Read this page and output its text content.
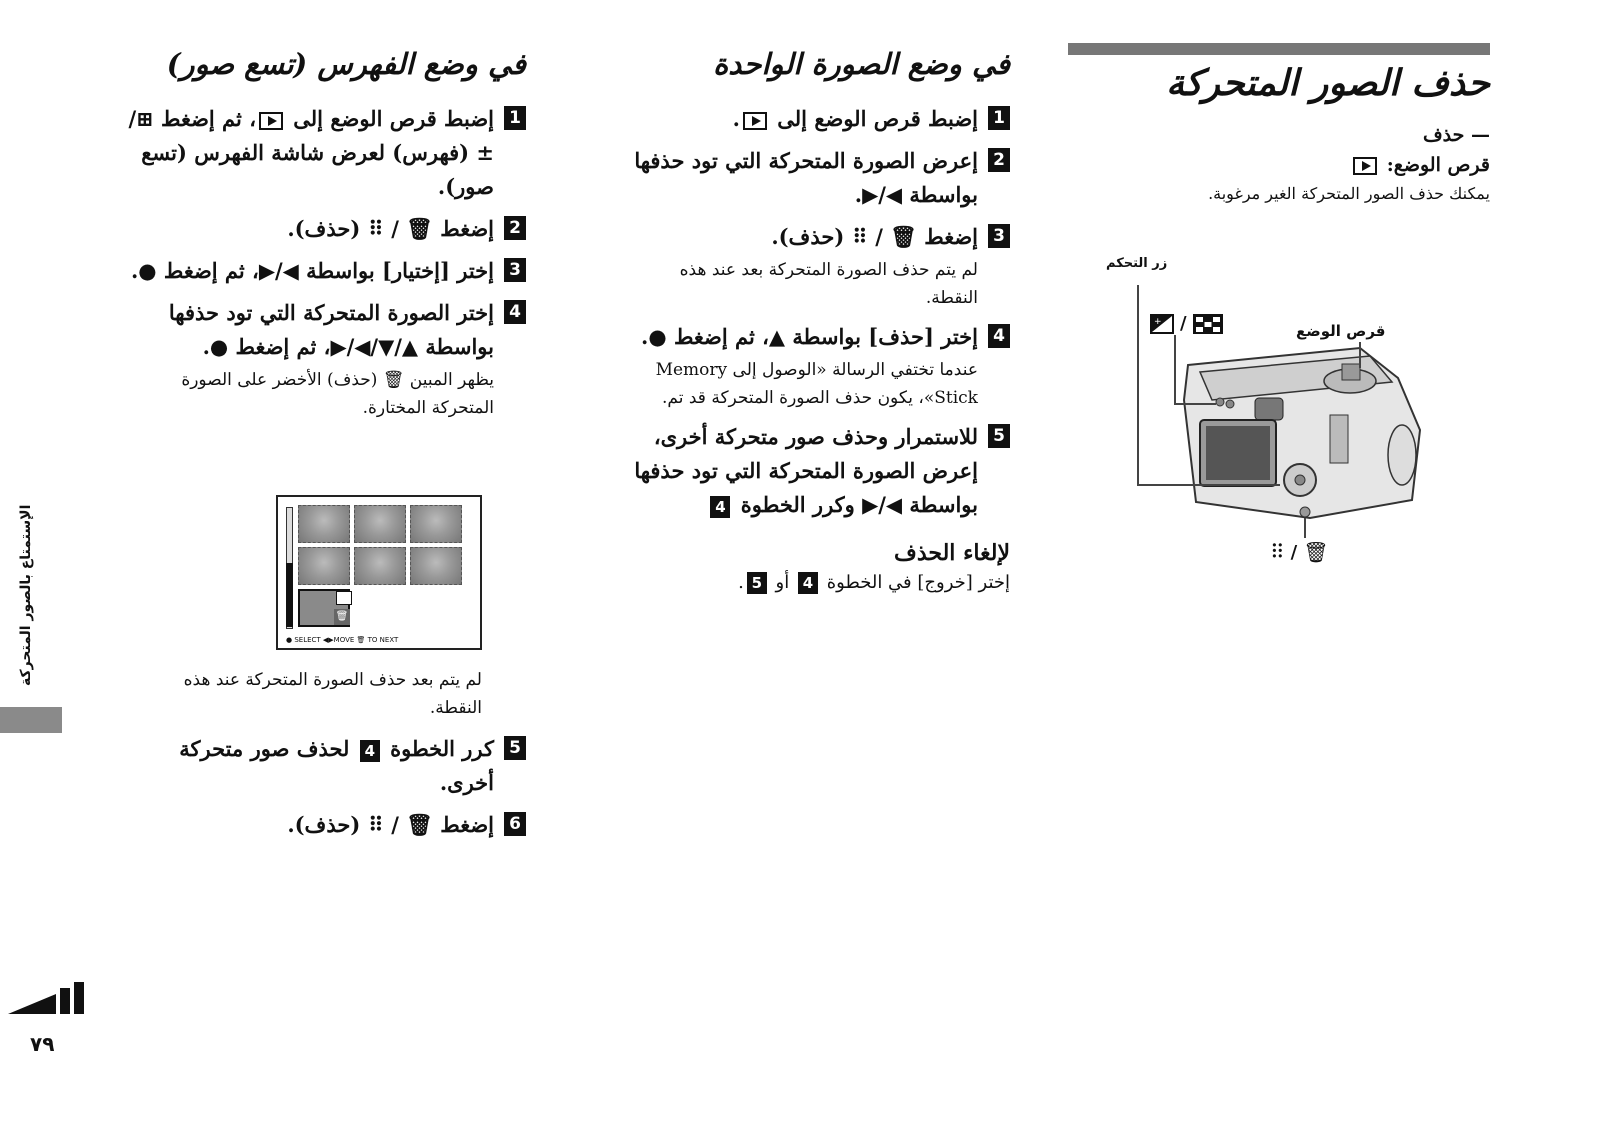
الإستمتاع بالصور المتحركة
٧٩
حذف الصور المتحركة
— حذف
قرص الوضع:
يمكنك حذف الصور المتحركة الغير مرغوبة.
زر التحكم
قرص الوضع
+ /
⠿ / 🗑
في وضع الصورة الواحدة
1
إضبط قرص الوضع إلى .
2
إعرض الصورة المتحركة التي تود حذفها بواسطة ◀/▶.
3
إضغط 🗑 / ⠿ (حذف).
لم يتم حذف الصورة المتحركة بعد عند هذه النقطة.
4
إختر [حذف] بواسطة ▲، ثم إضغط ●.
عندما تختفي الرسالة «الوصول إلى Memory Stick»، يكون حذف الصورة المتحركة قد تم.
5
للاستمرار وحذف صور متحركة أخرى، إعرض الصورة المتحركة التي تود حذفها بواسطة ◀/▶ وكرر الخطوة 4
لإلغاء الحذف
إختر [خروج] في الخطوة 4 أو 5.
في وضع الفهرس (تسع صور)
1
إضبط قرص الوضع إلى ، ثم إضغط ⊞/± (فهرس) لعرض شاشة الفهرس (تسع صور).
2
إضغط 🗑 / ⠿ (حذف).
3
إختر [إختيار] بواسطة ◀/▶، ثم إضغط ●.
4
إختر الصورة المتحركة التي تود حذفها بواسطة ▲/▼/◀/▶، ثم إضغط ●.
يظهر المبين 🗑 (حذف) الأخضر على الصورة المتحركة المختارة.
🗑
● SELECT ◀▶MOVE 🗑 TO NEXT
لم يتم بعد حذف الصورة المتحركة عند هذه النقطة.
5
كرر الخطوة 4 لحذف صور متحركة أخرى.
6
إضغط 🗑 / ⠿ (حذف).
